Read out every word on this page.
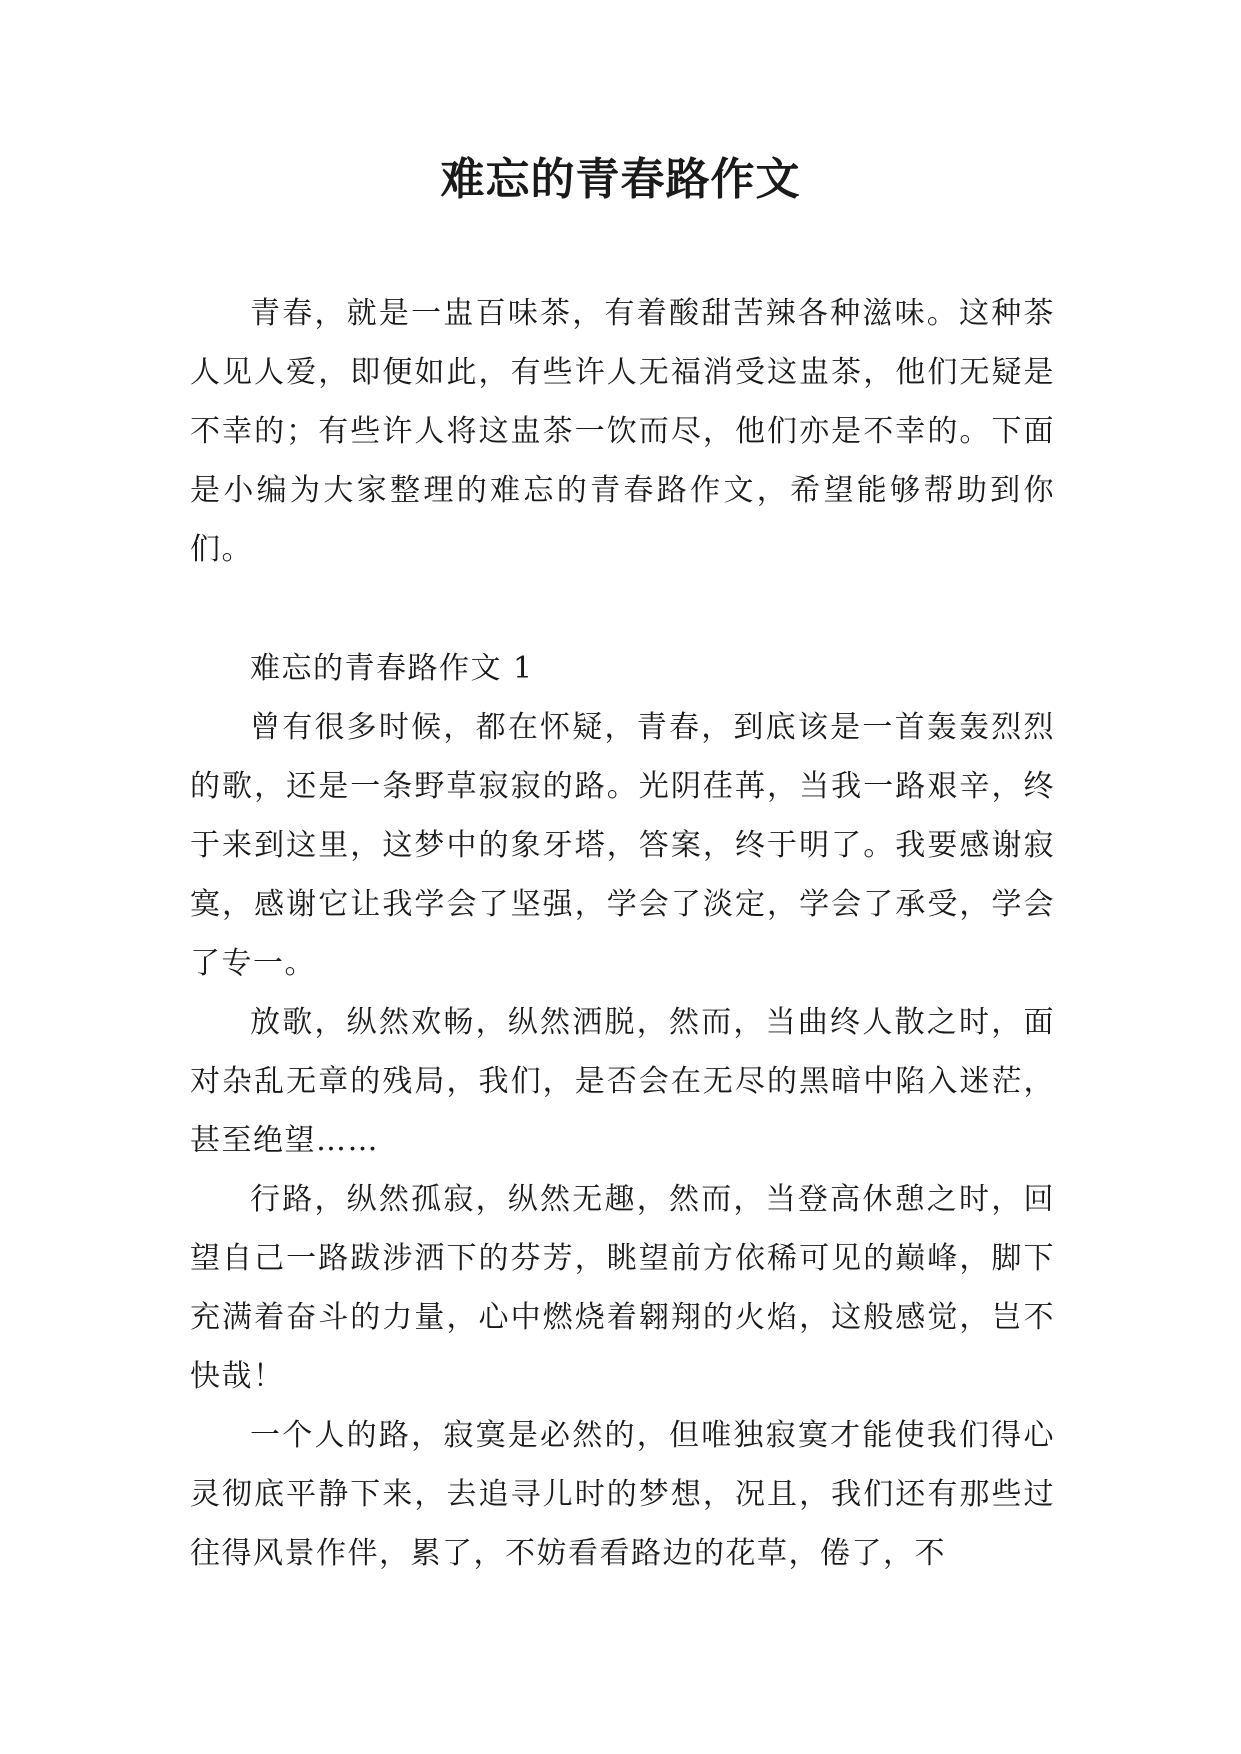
难忘的青春路作文

青春，就是一盅百味茶，有着酸甜苦辣各种滋味。这种茶人见人爱，即便如此，有些许人无福消受这盅茶，他们无疑是不幸的；有些许人将这盅茶一饮而尽，他们亦是不幸的。下面是小编为大家整理的难忘的青春路作文，希望能够帮助到你们。

难忘的青春路作文 1

曾有很多时候，都在怀疑，青春，到底该是一首轰轰烈烈的歌，还是一条野草寂寂的路。光阴荏苒，当我一路艰辛，终于来到这里，这梦中的象牙塔，答案，终于明了。我要感谢寂寞，感谢它让我学会了坚强，学会了淡定，学会了承受，学会了专一。

放歌，纵然欢畅，纵然洒脱，然而，当曲终人散之时，面对杂乱无章的残局，我们，是否会在无尽的黑暗中陷入迷茫，甚至绝望……

行路，纵然孤寂，纵然无趣，然而，当登高休憩之时，回望自己一路跋涉洒下的芬芳，眺望前方依稀可见的巅峰，脚下充满着奋斗的力量，心中燃烧着翱翔的火焰，这般感觉，岂不快哉！

一个人的路，寂寞是必然的，但唯独寂寞才能使我们得心灵彻底平静下来，去追寻儿时的梦想，况且，我们还有那些过往得风景作伴，累了，不妨看看路边的花草，倦了，不
